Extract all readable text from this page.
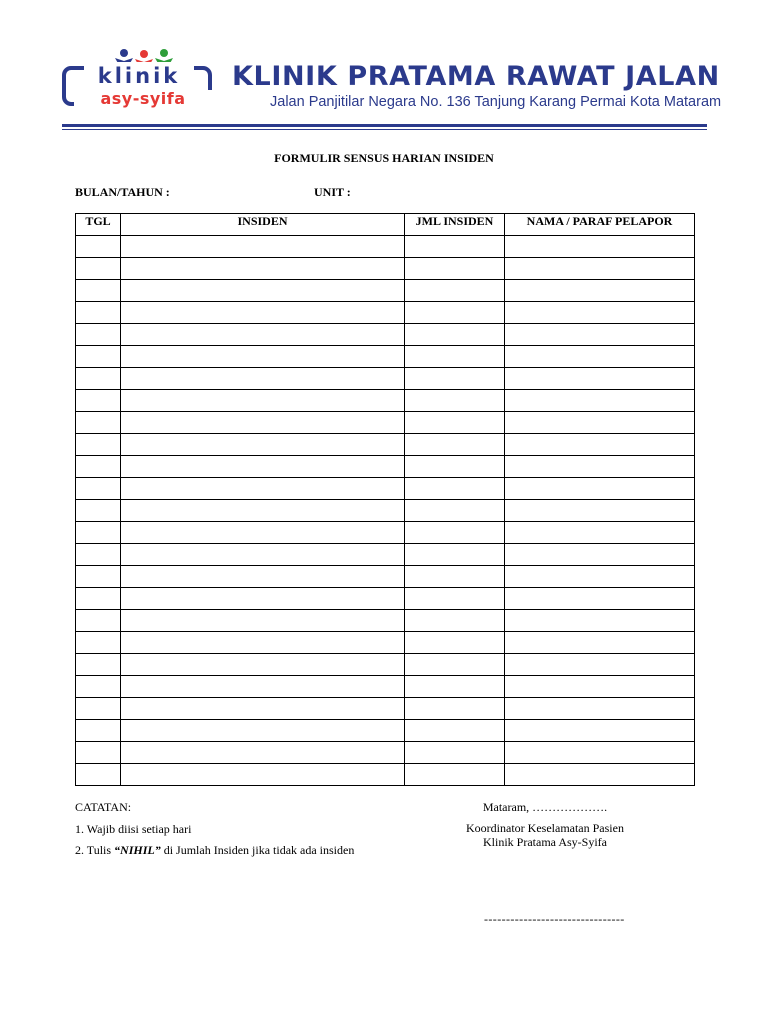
klinik
asy-syifa
KLINIK PRATAMA RAWAT JALAN
Jalan Panjitilar Negara No. 136 Tanjung Karang Permai Kota Mataram
FORMULIR SENSUS HARIAN INSIDEN
BULAN/TAHUN :	UNIT :
TGL	INSIDEN	JML INSIDEN	NAMA / PARAF PELAPOR

CATATAN:
1. Wajib diisi setiap hari
2. Tulis “NIHIL” di Jumlah Insiden jika tidak ada insiden
Mataram, ……………….
Koordinator Keselamatan Pasien
Klinik Pratama Asy-Syifa
--------------------------------
